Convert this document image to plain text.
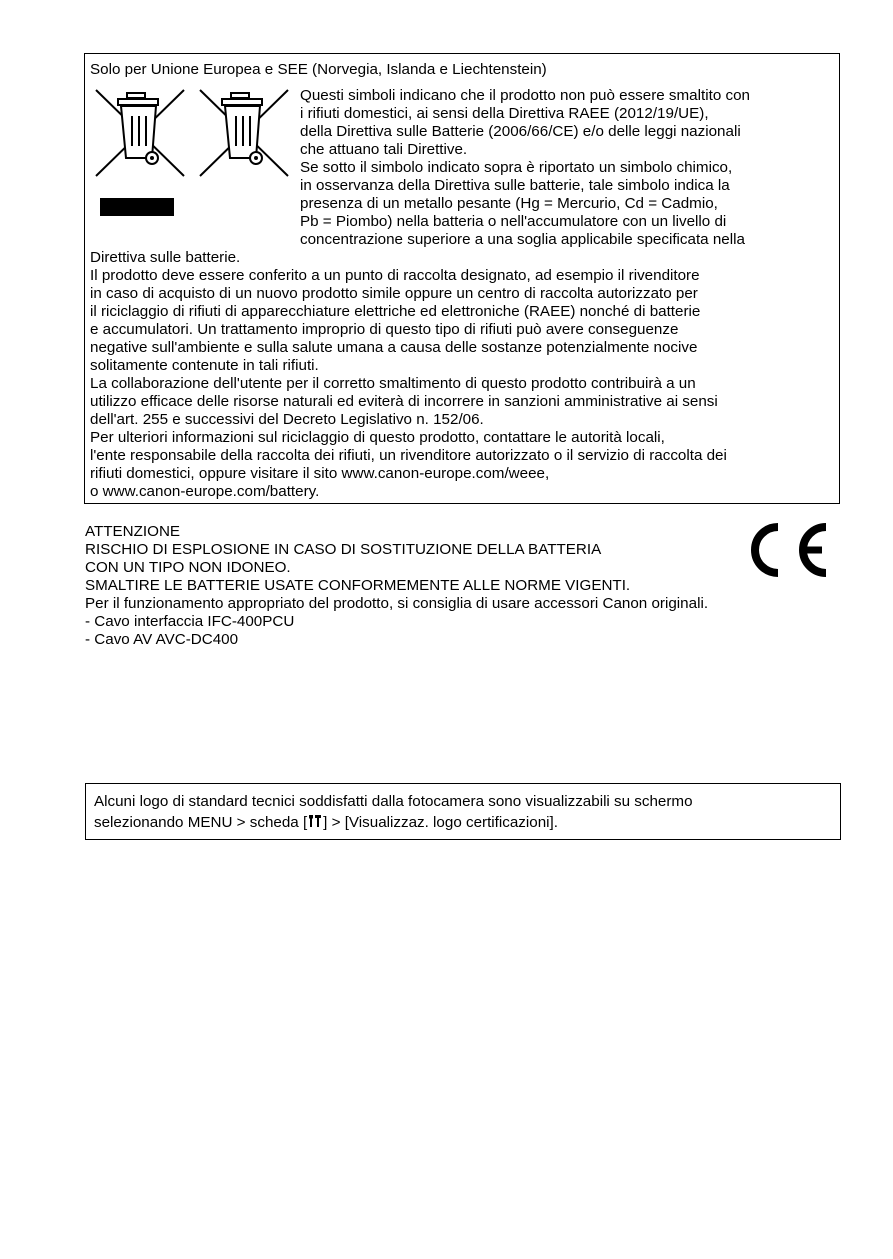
Solo per Unione Europea e SEE (Norvegia, Islanda e Liechtenstein)
Questi simboli indicano che il prodotto non può essere smaltito con
i rifiuti domestici, ai sensi della Direttiva RAEE (2012/19/UE),
della Direttiva sulle Batterie (2006/66/CE) e/o delle leggi nazionali
che attuano tali Direttive.
Se sotto il simbolo indicato sopra è riportato un simbolo chimico,
in osservanza della Direttiva sulle batterie, tale simbolo indica la
presenza di un metallo pesante (Hg = Mercurio, Cd = Cadmio,
Pb = Piombo) nella batteria o nell'accumulatore con un livello di
concentrazione superiore a una soglia applicabile specificata nella
Direttiva sulle batterie.
Il prodotto deve essere conferito a un punto di raccolta designato, ad esempio il rivenditore
in caso di acquisto di un nuovo prodotto simile oppure un centro di raccolta autorizzato per
il riciclaggio di rifiuti di apparecchiature elettriche ed elettroniche (RAEE) nonché di batterie
e accumulatori. Un trattamento improprio di questo tipo di rifiuti può avere conseguenze
negative sull'ambiente e sulla salute umana a causa delle sostanze potenzialmente nocive
solitamente contenute in tali rifiuti.
La collaborazione dell'utente per il corretto smaltimento di questo prodotto contribuirà a un
utilizzo efficace delle risorse naturali ed eviterà di incorrere in sanzioni amministrative ai sensi
dell'art. 255 e successivi del Decreto Legislativo n. 152/06.
Per ulteriori informazioni sul riciclaggio di questo prodotto, contattare le autorità locali,
l'ente responsabile della raccolta dei rifiuti, un rivenditore autorizzato o il servizio di raccolta dei
rifiuti domestici, oppure visitare il sito www.canon-europe.com/weee,
o www.canon-europe.com/battery.
ATTENZIONE
RISCHIO DI ESPLOSIONE IN CASO DI SOSTITUZIONE DELLA BATTERIA
CON UN TIPO NON IDONEO.
SMALTIRE LE BATTERIE USATE CONFORMEMENTE ALLE NORME VIGENTI.
Per il funzionamento appropriato del prodotto, si consiglia di usare accessori Canon originali.
- Cavo interfaccia IFC-400PCU
- Cavo AV AVC-DC400
Alcuni logo di standard tecnici soddisfatti dalla fotocamera sono visualizzabili su schermo
selezionando MENU > scheda [ ] > [Visualizzaz. logo certificazioni].
